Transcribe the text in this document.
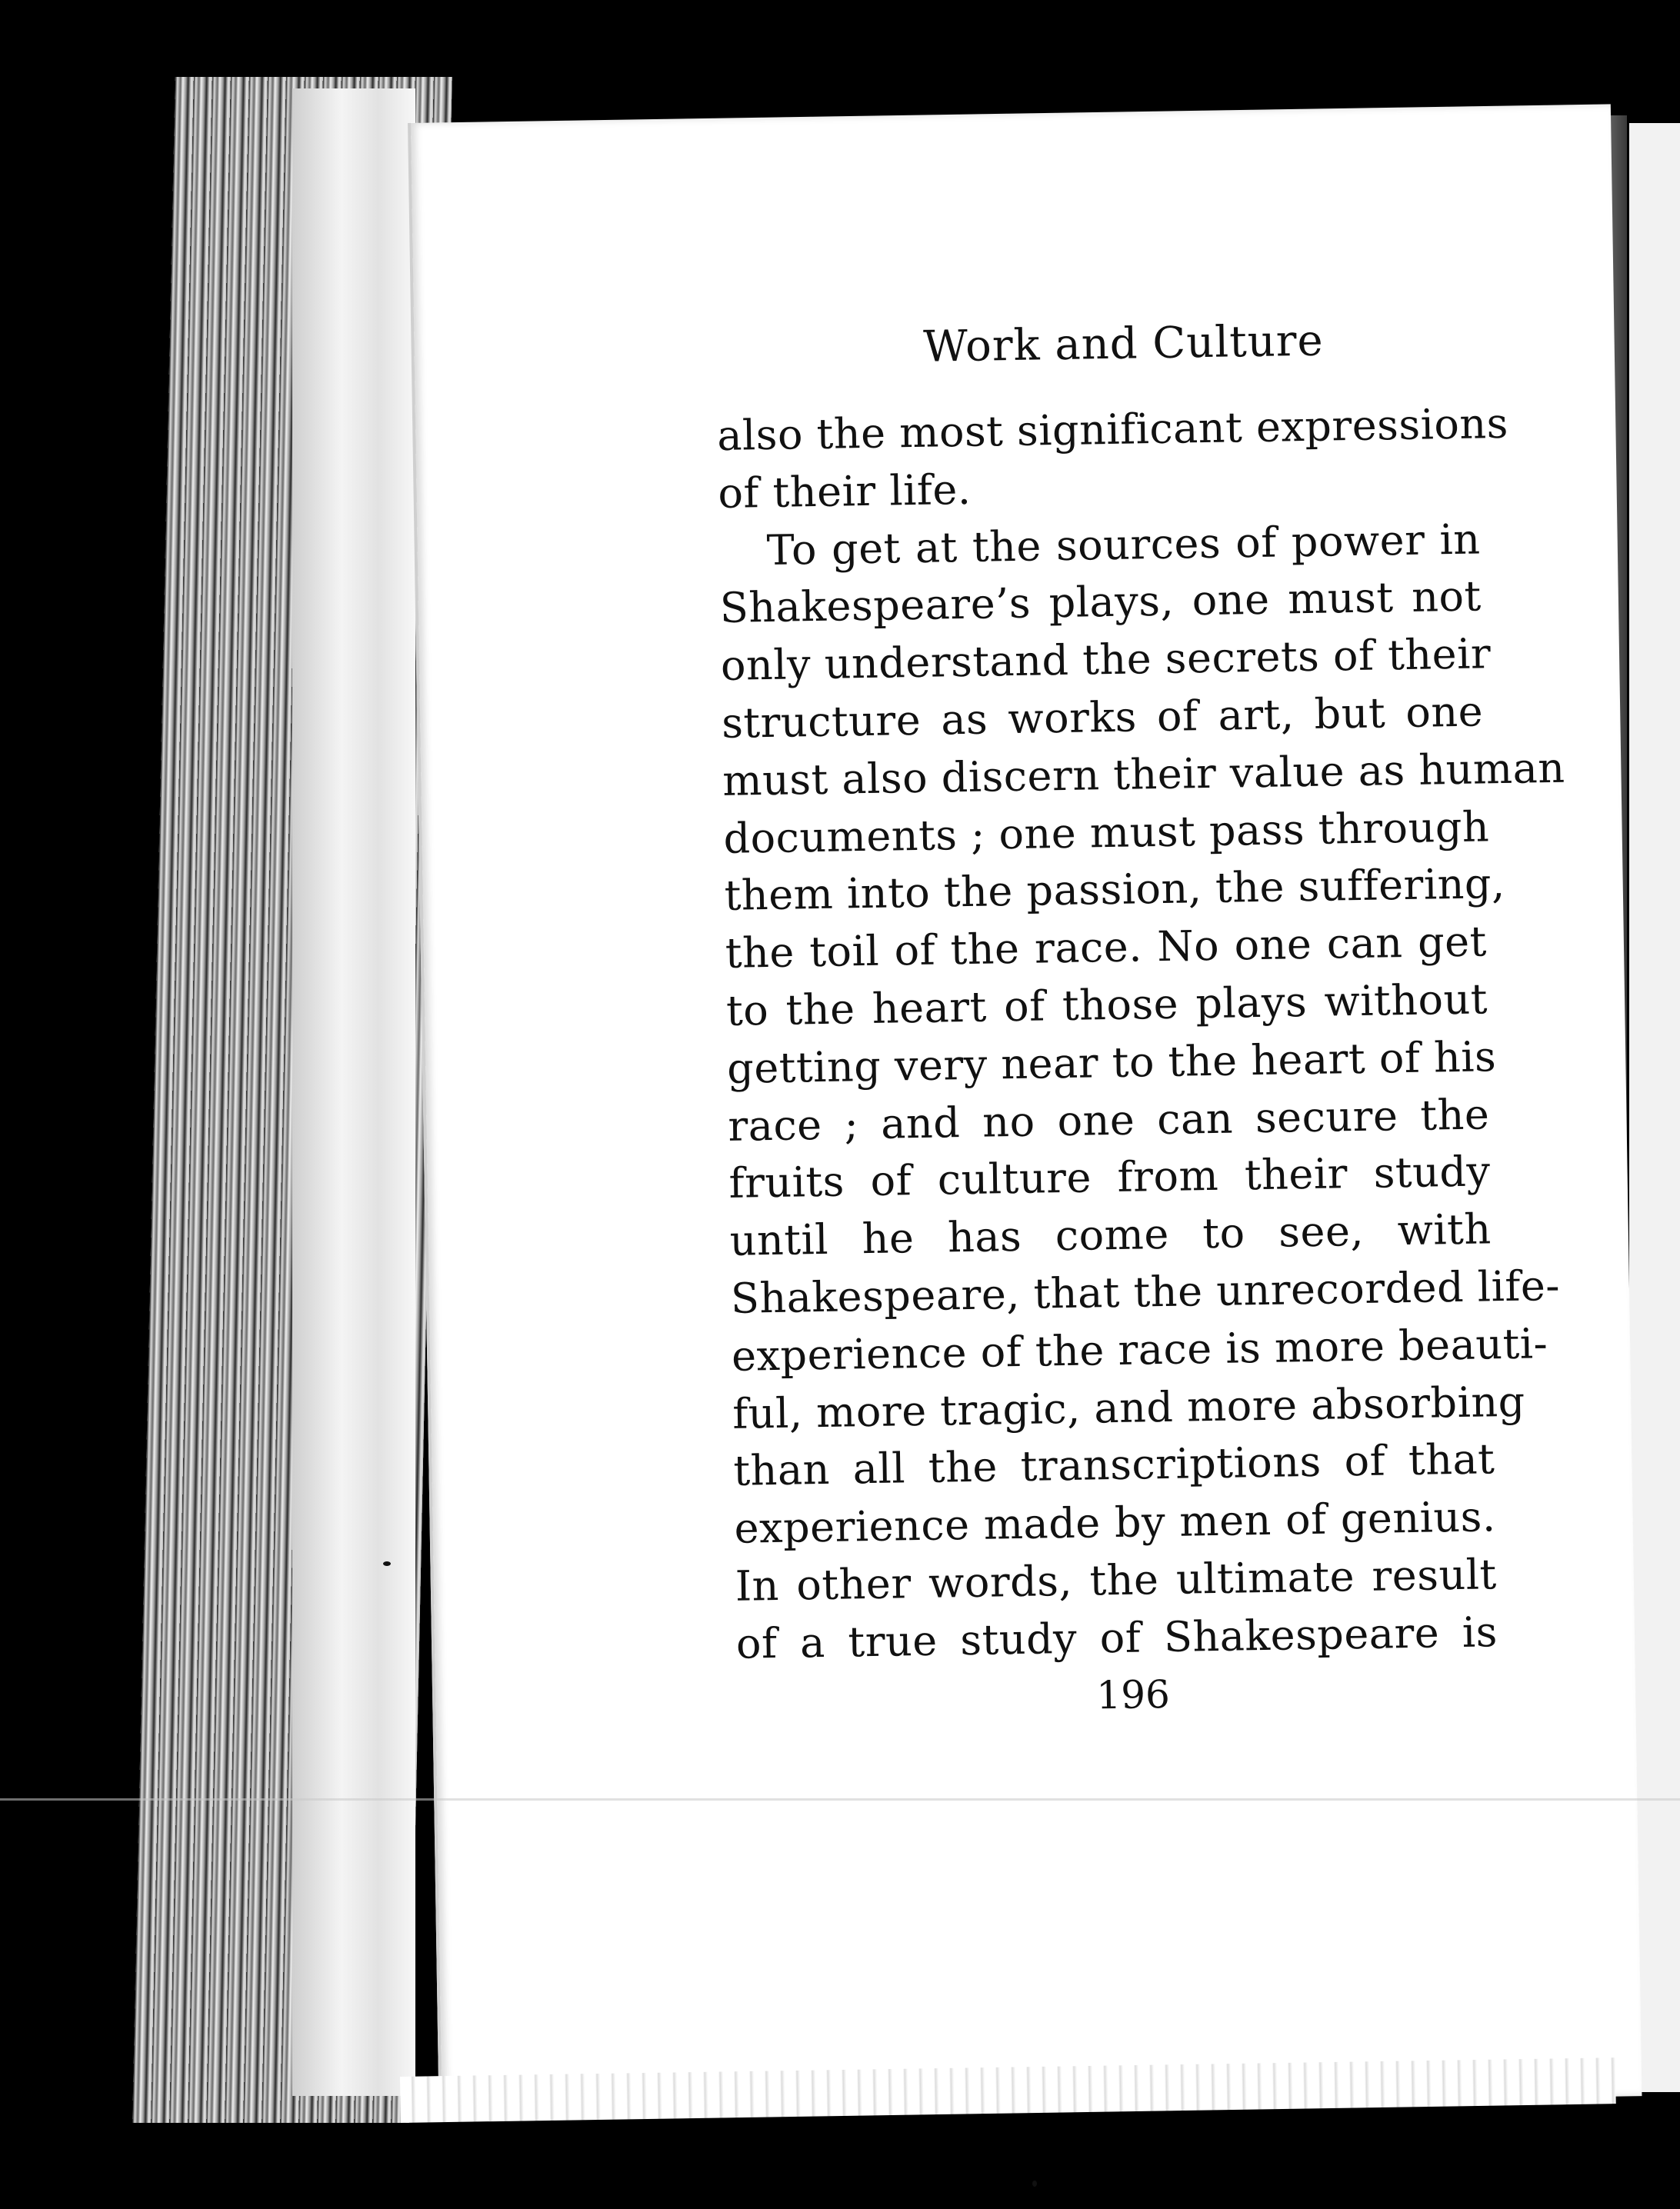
Work and Culture
also the most significant expressions
of their life.
To get at the sources of power in
Shakespeare’s plays, one must not
only understand the secrets of their
structure as works of art, but one
must also discern their value as human
documents ; one must pass through
them into the passion, the suffering,
the toil of the race. No one can get
to the heart of those plays without
getting very near to the heart of his
race ; and no one can secure the
fruits of culture from their study
until he has come to see, with
Shakespeare, that the unrecorded life-
experience of the race is more beauti-
ful, more tragic, and more absorbing
than all the transcriptions of that
experience made by men of genius.
In other words, the ultimate result
of a true study of Shakespeare is
196
